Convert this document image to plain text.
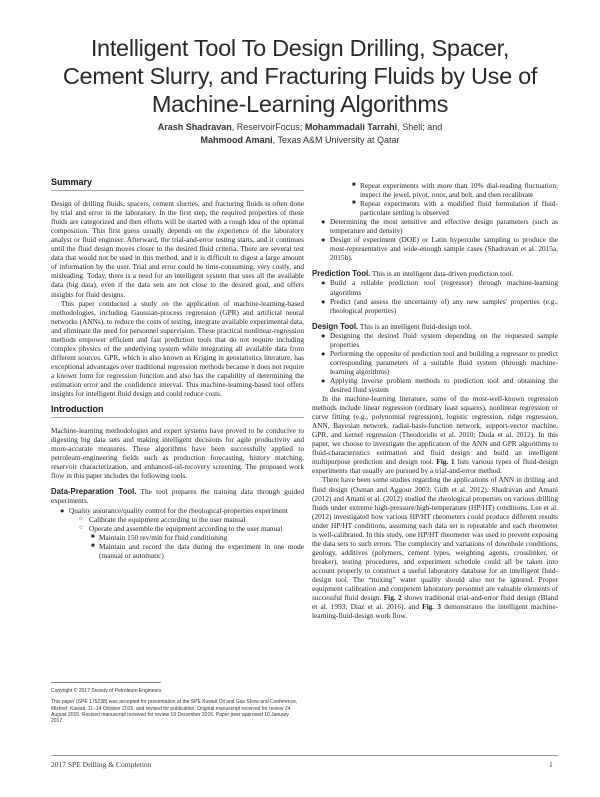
Intelligent Tool To Design Drilling, Spacer, Cement Slurry, and Fracturing Fluids by Use of Machine-Learning Algorithms
Arash Shadravan, ReservoirFocus; Mohammadali Tarrahi, Shell; and
Mahmood Amani, Texas A&M University at Qatar
Summary

Design of drilling fluids, spacers, cement slurries, and fracturing fluids is often done by trial and error in the laboratory. In the first step, the required properties of these fluids are categorized and then efforts will be started with a rough idea of the optimal composition. This first guess usually depends on the experience of the laboratory analyst or fluid engineer. Afterward, the trial-and-error testing starts, and it continues until the fluid design moves closer to the desired fluid criteria. There are several test data that would not be used in this method, and it is difficult to digest a large amount of information by the user. Trial and error could be time-consuming, very costly, and misleading. Today, there is a need for an intelligent system that uses all the available data (big data), even if the data sets are not close to the desired goal, and offers insights for fluid designs.

This paper conducted a study on the application of machine-learning-based methodologies, including Gaussian-process regression (GPR) and artificial neural networks (ANNs), to reduce the costs of testing, integrate available experimental data, and eliminate the need for personnel supervision. These practical nonlinear-regression methods empower efficient and fast prediction tools that do not require including complex physics of the underlying system while integrating all available data from different sources. GPR, which is also known as Kriging in geostatistics literature, has exceptional advantages over traditional regression methods because it does not require a known form for regression function and also has the capability of determining the estimation error and the confidence interval. This machine-learning-based tool offers insights for intelligent fluid design and could reduce costs.

Introduction

Machine-learning methodologies and expert systems have proved to be conducive to digesting big data sets and making intelligent decisions for agile productivity and more-accurate measures. These algorithms have been successfully applied to petroleum-engineering fields such as production forecasting, history matching, reservoir characterization, and enhanced-oil-recovery screening. The proposed work flow in this paper includes the following tools.

Data-Preparation Tool. The tool prepares the training data through guided experiments.

● Quality assurance/quality control for the rheological-properties experiment
○ Calibrate the equipment according to the user manual
○ Operate and assemble the equipment according to the user manual
■ Maintain 150 rev/min for fluid conditioning
■ Maintain and record the data during the experiment in one mode (manual or automatic)

Copyright © 2017 Society of Petroleum Engineers

This paper (SPE 175238) was accepted for presentation at the SPE Kuwait Oil and Gas Show and Conference, Mishref, Kuwait, 11–14 October 2015, and revised for publication. Original manuscript received for review 24 August 2015. Revised manuscript received for review 19 December 2016. Paper peer approved 10 January 2017.

■ Repeat experiments with more than 10% dial-reading fluctuation; inspect the jewel, pivot, rotor, and belt, and then recalibrate
■ Repeat experiments with a modified fluid formulation if fluid-particulate settling is observed
● Determining the most sensitive and effective design parameters (such as temperature and density)
● Design of experiment (DOE) or Latin hypercube sampling to produce the most-representative and wide-enough sample cases (Shadravan et al. 2015a, 2015b).

Prediction Tool. This is an intelligent data-driven prediction tool.

● Build a reliable prediction tool (regressor) through machine-learning algorithms
● Predict (and assess the uncertainty of) any new samples' properties (e.g., rheological properties)

Design Tool. This is an intelligent fluid-design tool.

● Designing the desired fluid system depending on the requested sample properties
● Performing the opposite of prediction tool and building a regressor to predict corresponding parameters of a suitable fluid system (through machine-learning algorithms)
● Applying inverse problem methods to prediction tool and obtaining the desired fluid system

In the machine-learning literature, some of the most-well-known regression methods include linear regression (ordinary least squares), nonlinear regression or curve fitting (e.g., polynomial regression), logistic regression, ridge regression, ANN, Bayesian network, radial-basis-function network, support-vector machine, GPR, and kernel regression (Theodoridis et al. 2010; Duda et al. 2012). In this paper, we choose to investigate the application of the ANN and GPR algorithms to fluid-characteristics estimation and fluid design and build an intelligent multipurpose prediction and design tool. Fig. 1 lists various types of fluid-design experiments that usually are pursued by a trial-and-error method.

There have been some studies regarding the applications of ANN in drilling and fluid design (Osman and Aggour 2003; Gidh et al. 2012). Shadravan and Amani (2012) and Amani et al. (2012) studied the rheological properties on various drilling fluids under extreme high-pressure/high-temperature (HP/HT) conditions. Lee et al. (2012) investigated how various HP/HT rheometers could produce different results under HP/HT conditions, assuming each data set is repeatable and each rheometer is well-calibrated. In this study, one HP/HT rheometer was used to prevent exposing the data sets to such errors. The complexity and variations of downhole conditions, geology, additives (polymers, cement types, weighting agents, crosslinker, or breaker), testing procedures, and experiment schedule could all be taken into account properly to construct a useful laboratory database for an intelligent fluid-design tool. The “mixing” water quality should also not be ignored. Proper equipment calibration and competent laboratory personnel are valuable elements of successful fluid design. Fig. 2 shows traditional trial-and-error fluid design (Bland et al. 1993; Diaz et al. 2016), and Fig. 3 demonstrates the intelligent machine-learning-fluid-design work flow.

2017 SPE Drilling & Completion	1
